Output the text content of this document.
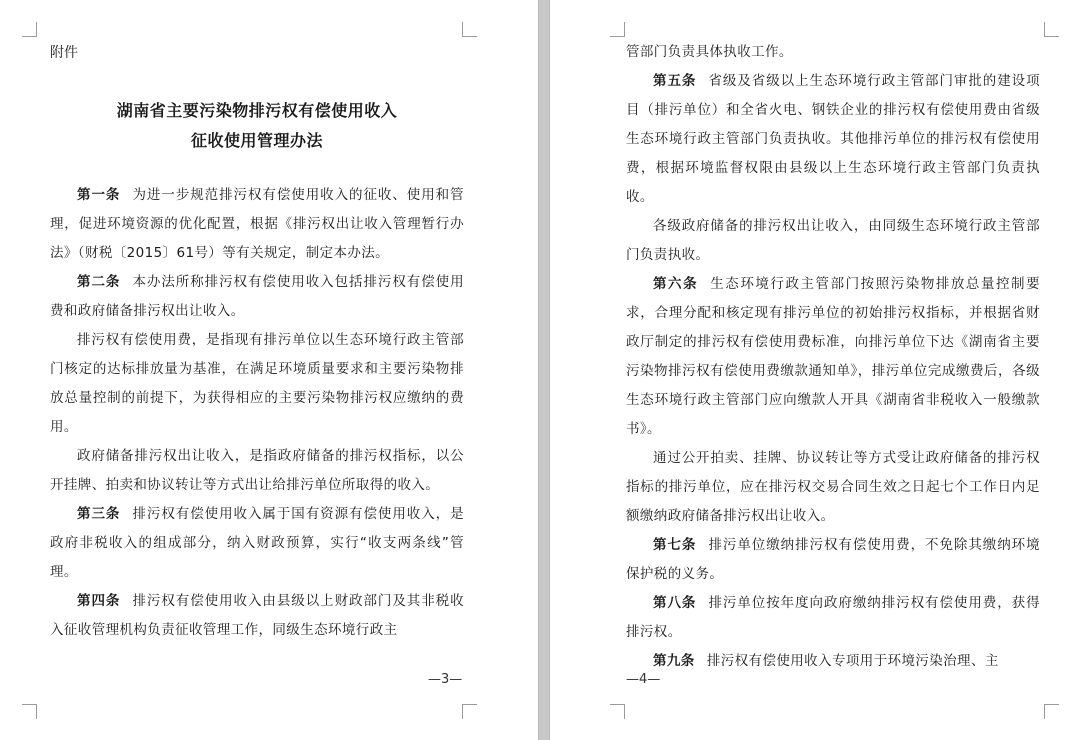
附件
湖南省主要污染物排污权有偿使用收入
征收使用管理办法

第一条 为进一步规范排污权有偿使用收入的征收、使用和管理，促进环境资源的优化配置，根据《排污权出让收入管理暂行办法》（财税〔2015〕61号）等有关规定，制定本办法。

第二条 本办法所称排污权有偿使用收入包括排污权有偿使用费和政府储备排污权出让收入。

排污权有偿使用费，是指现有排污单位以生态环境行政主管部门核定的达标排放量为基准，在满足环境质量要求和主要污染物排放总量控制的前提下，为获得相应的主要污染物排污权应缴纳的费用。

政府储备排污权出让收入，是指政府储备的排污权指标，以公开挂牌、拍卖和协议转让等方式出让给排污单位所取得的收入。

第三条 排污权有偿使用收入属于国有资源有偿使用收入，是政府非税收入的组成部分，纳入财政预算，实行“收支两条线”管理。

第四条 排污权有偿使用收入由县级以上财政部门及其非税收入征收管理机构负责征收管理工作，同级生态环境行政主

—3—

管部门负责具体执收工作。

第五条 省级及省级以上生态环境行政主管部门审批的建设项目（排污单位）和全省火电、钢铁企业的排污权有偿使用费由省级生态环境行政主管部门负责执收。其他排污单位的排污权有偿使用费，根据环境监督权限由县级以上生态环境行政主管部门负责执收。

各级政府储备的排污权出让收入，由同级生态环境行政主管部门负责执收。

第六条 生态环境行政主管部门按照污染物排放总量控制要求，合理分配和核定现有排污单位的初始排污权指标，并根据省财政厅制定的排污权有偿使用费标准，向排污单位下达《湖南省主要污染物排污权有偿使用费缴款通知单》，排污单位完成缴费后，各级生态环境行政主管部门应向缴款人开具《湖南省非税收入一般缴款书》。

通过公开拍卖、挂牌、协议转让等方式受让政府储备的排污权指标的排污单位，应在排污权交易合同生效之日起七个工作日内足额缴纳政府储备排污权出让收入。

第七条 排污单位缴纳排污权有偿使用费，不免除其缴纳环境保护税的义务。

第八条 排污单位按年度向政府缴纳排污权有偿使用费，获得排污权。

第九条 排污权有偿使用收入专项用于环境污染治理、主

—4—
